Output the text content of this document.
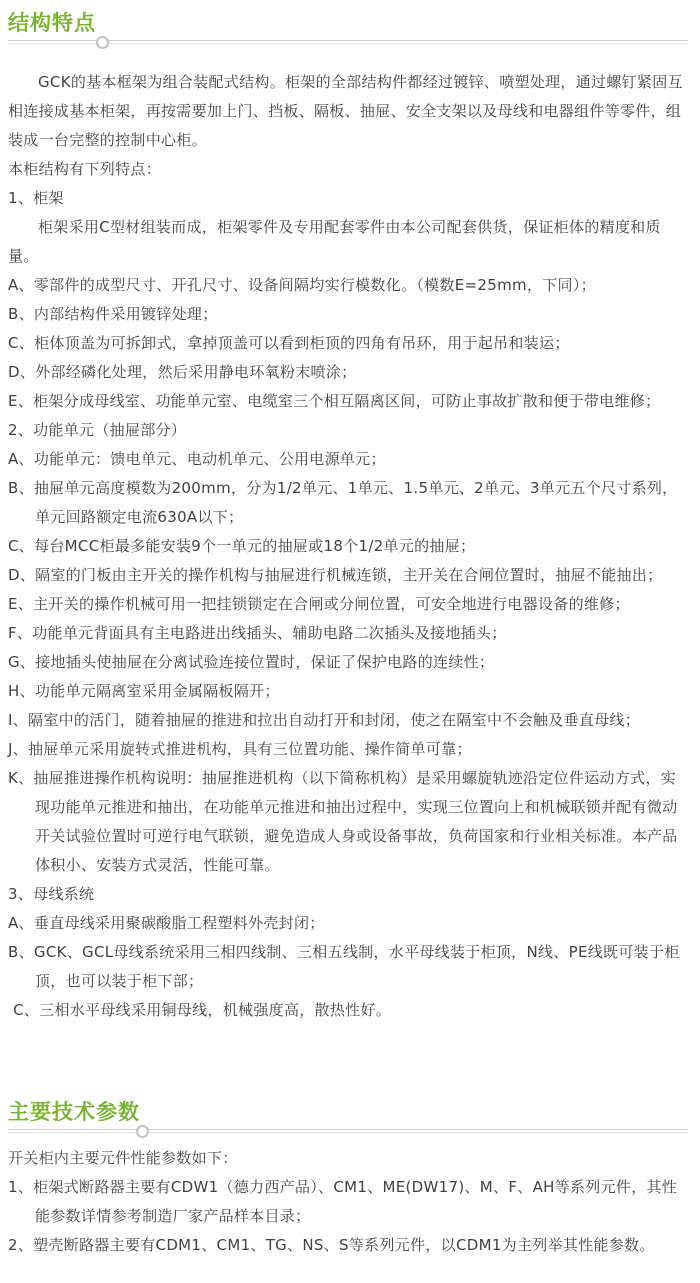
结构特点

GCK的基本框架为组合装配式结构。柜架的全部结构件都经过镀锌、喷塑处理，通过螺钉紧固互相连接成基本柜架，再按需要加上门、挡板、隔板、抽屉、安全支架以及母线和电器组件等零件，组装成一台完整的控制中心柜。

本柜结构有下列特点：

1、柜架

柜架采用C型材组装而成，柜架零件及专用配套零件由本公司配套供货，保证柜体的精度和质量。

A、零部件的成型尺寸、开孔尺寸、设备间隔均实行模数化。（模数E=25mm，下同）；

B、内部结构件采用镀锌处理；

C、柜体顶盖为可拆卸式，拿掉顶盖可以看到柜顶的四角有吊环，用于起吊和装运；

D、外部经磷化处理，然后采用静电环氧粉末喷涂；

E、柜架分成母线室、功能单元室、电缆室三个相互隔离区间，可防止事故扩散和便于带电维修；

2、功能单元（抽屉部分）

A、功能单元：馈电单元、电动机单元、公用电源单元；

B、抽屉单元高度模数为200mm，分为1/2单元、1单元、1.5单元、2单元、3单元五个尺寸系列，单元回路额定电流630A以下；

C、每台MCC柜最多能安装9个一单元的抽屉或18个1/2单元的抽屉；

D、隔室的门板由主开关的操作机构与抽屉进行机械连锁，主开关在合闸位置时，抽屉不能抽出；

E、主开关的操作机械可用一把挂锁锁定在合闸或分闸位置，可安全地进行电器设备的维修；

F、功能单元背面具有主电路进出线插头、辅助电路二次插头及接地插头；

G、接地插头使抽屉在分离试验连接位置时，保证了保护电路的连续性；

H、功能单元隔离室采用金属隔板隔开；

I、隔室中的活门，随着抽屉的推进和拉出自动打开和封闭，使之在隔室中不会触及垂直母线；

J、抽屉单元采用旋转式推进机构，具有三位置功能、操作简单可靠；

K、抽屉推进操作机构说明：抽屉推进机构（以下简称机构）是采用螺旋轨迹沿定位件运动方式，实现功能单元推进和抽出，在功能单元推进和抽出过程中，实现三位置向上和机械联锁并配有微动开关试验位置时可逆行电气联锁，避免造成人身或设备事故，负荷国家和行业相关标准。本产品体积小、安装方式灵活，性能可靠。

3、母线系统

A、垂直母线采用聚碳酸脂工程塑料外壳封闭；

B、GCK、GCL母线系统采用三相四线制、三相五线制，水平母线装于柜顶，N线、PE线既可装于柜顶，也可以装于柜下部；

C、三相水平母线采用铜母线，机械强度高，散热性好。

主要技术参数

开关柜内主要元件性能参数如下：

1、柜架式断路器主要有CDW1（德力西产品）、CM1、ME(DW17)、M、F、AH等系列元件，其性能参数详情参考制造厂家产品样本目录；

2、塑壳断路器主要有CDM1、CM1、TG、NS、S等系列元件，以CDM1为主列举其性能参数。
